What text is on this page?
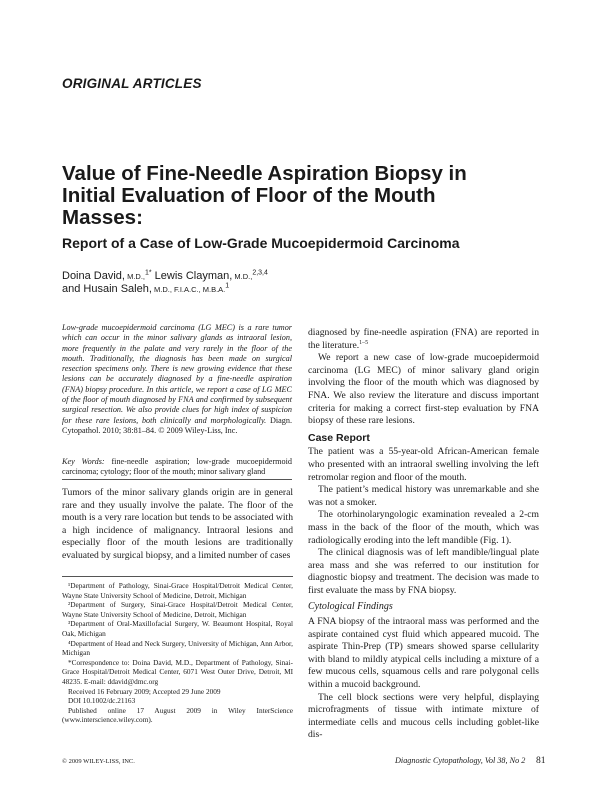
ORIGINAL ARTICLES
Value of Fine-Needle Aspiration Biopsy in Initial Evaluation of Floor of the Mouth Masses:
Report of a Case of Low-Grade Mucoepidermoid Carcinoma
Doina David, M.D.,$^{1*}$ Lewis Clayman, M.D.,$^{2,3,4}$
and Husain Saleh, M.D., F.I.A.C., M.B.A.$^1$
Low-grade mucoepidermoid carcinoma (LG MEC) is a rare tumor which can occur in the minor salivary glands as intraoral lesion, more frequently in the palate and very rarely in the floor of the mouth. Traditionally, the diagnosis has been made on surgical resection specimens only. There is new growing evidence that these lesions can be accurately diagnosed by a fine-needle aspiration (FNA) biopsy procedure. In this article, we report a case of LG MEC of the floor of mouth diagnosed by FNA and confirmed by subsequent surgical resection. We also provide clues for high index of suspicion for these rare lesions, both clinically and morphologically. Diagn. Cytopathol. 2010; 38:81–84. © 2009 Wiley-Liss, Inc.
Key Words: fine-needle aspiration; low-grade mucoepidermoid carcinoma; cytology; floor of the mouth; minor salivary gland
Tumors of the minor salivary glands origin are in general rare and they usually involve the palate. The floor of the mouth is a very rare location but tends to be associated with a high incidence of malignancy. Intraoral lesions and especially floor of the mouth lesions are traditionally evaluated by surgical biopsy, and a limited number of cases

¹Department of Pathology, Sinai-Grace Hospital/Detroit Medical Center, Wayne State University School of Medicine, Detroit, Michigan

²Department of Surgery, Sinai-Grace Hospital/Detroit Medical Center, Wayne State University School of Medicine, Detroit, Michigan

³Department of Oral-Maxillofacial Surgery, W. Beaumont Hospital, Royal Oak, Michigan

⁴Department of Head and Neck Surgery, University of Michigan, Ann Arbor, Michigan

*Correspondence to: Doina David, M.D., Department of Pathology, Sinai-Grace Hospital/Detroit Medical Center, 6071 West Outer Drive, Detroit, MI 48235. E-mail: ddavid@dmc.org

Received 16 February 2009; Accepted 29 June 2009

DOI 10.1002/dc.21163

Published online 17 August 2009 in Wiley InterScience (www.interscience.wiley.com).

diagnosed by fine-needle aspiration (FNA) are reported in the literature.$^{1-5}$

We report a new case of low-grade mucoepidermoid carcinoma (LG MEC) of minor salivary gland origin involving the floor of the mouth which was diagnosed by FNA. We also review the literature and discuss important criteria for making a correct first-step evaluation by FNA biopsy of these rare lesions.

Case Report

The patient was a 55-year-old African-American female who presented with an intraoral swelling involving the left retromolar region and floor of the mouth.

The patient’s medical history was unremarkable and she was not a smoker.

The otorhinolaryngologic examination revealed a 2-cm mass in the back of the floor of the mouth, which was radiologically eroding into the left mandible (Fig. 1).

The clinical diagnosis was of left mandible/lingual plate area mass and she was referred to our institution for diagnostic biopsy and treatment. The decision was made to first evaluate the mass by FNA biopsy.

Cytological Findings

A FNA biopsy of the intraoral mass was performed and the aspirate contained cyst fluid which appeared mucoid. The aspirate Thin-Prep (TP) smears showed sparse cellularity with bland to mildly atypical cells including a mixture of a few mucous cells, squamous cells and rare polygonal cells within a mucoid background.

The cell block sections were very helpful, displaying microfragments of tissue with intimate mixture of intermediate cells and mucous cells including goblet-like dis-

© 2009 WILEY-LISS, INC.	Diagnostic Cytopathology, Vol 38, No 2 81
